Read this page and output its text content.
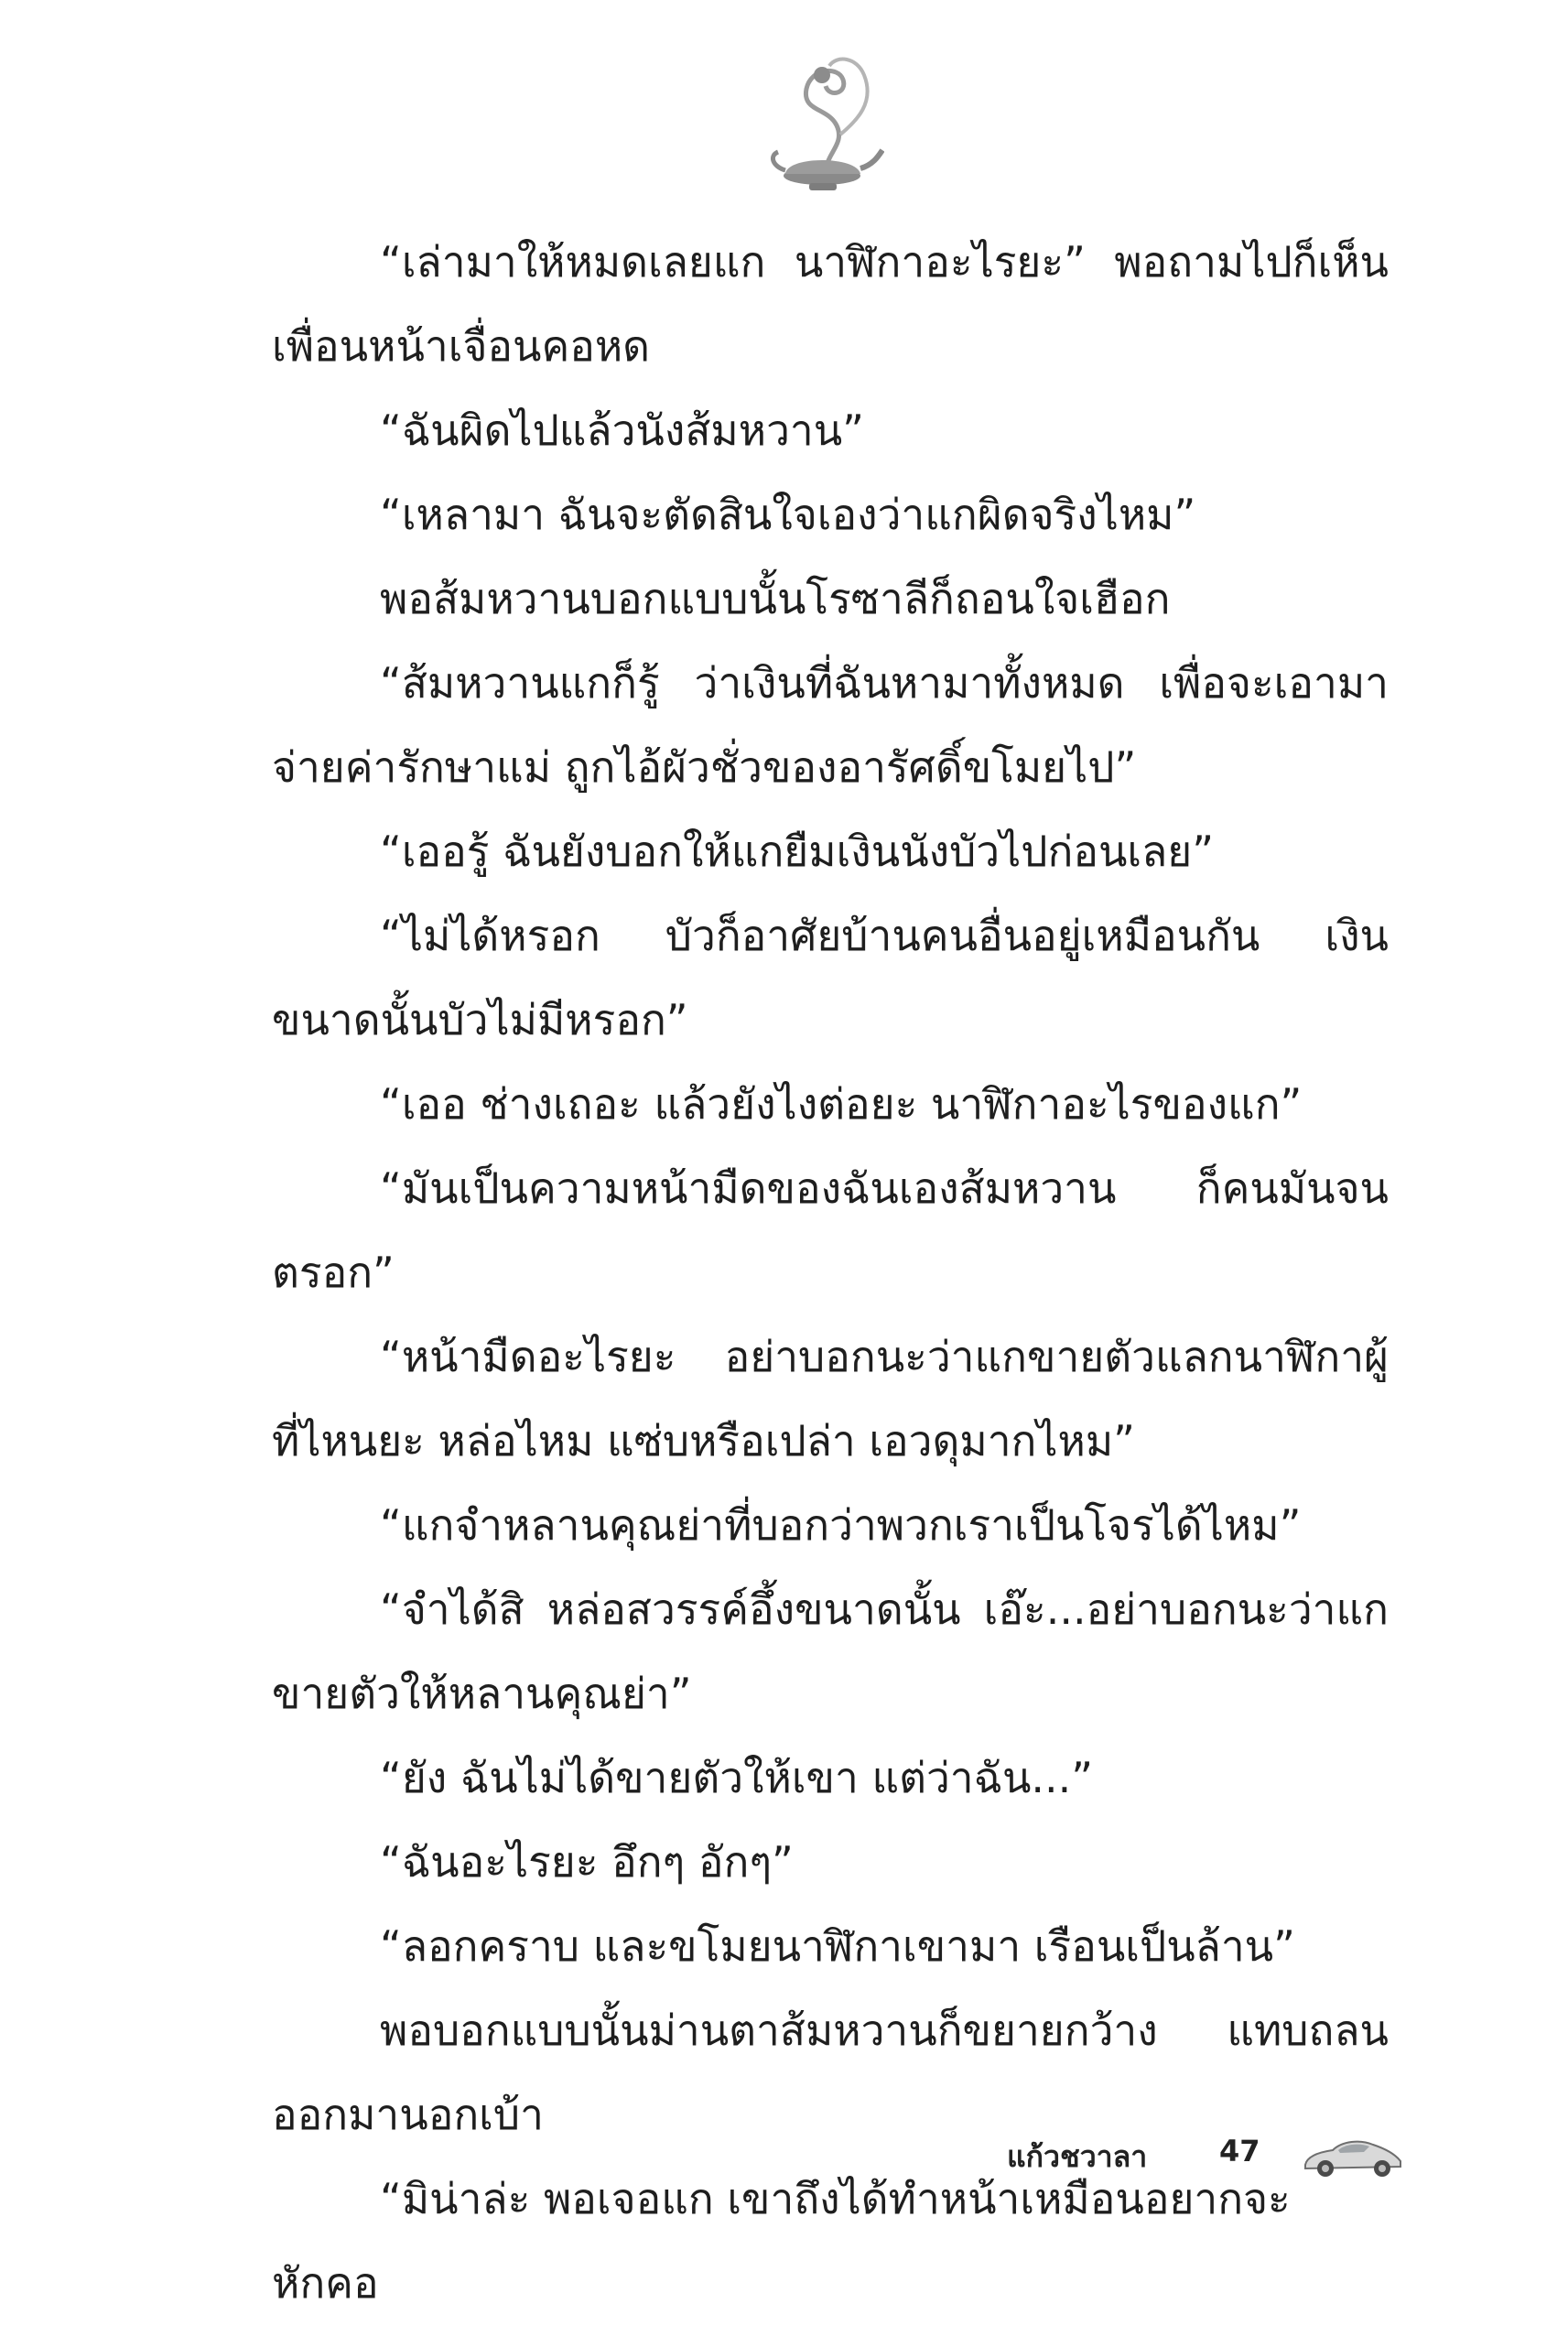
“เล่ามาให้หมดเลยแก นาฬิกาอะไรยะ” พอถามไปก็เห็นเพื่อนหน้าเจื่อนคอหด

“ฉันผิดไปแล้วนังส้มหวาน”

“เหลามา ฉันจะตัดสินใจเองว่าแกผิดจริงไหม”

พอส้มหวานบอกแบบนั้นโรซาลีก็ถอนใจเฮือก

“ส้มหวานแกก็รู้ ว่าเงินที่ฉันหามาทั้งหมด เพื่อจะเอามาจ่ายค่ารักษาแม่ ถูกไอ้ผัวชั่วของอารัศดิ์ขโมยไป”

“เออรู้ ฉันยังบอกให้แกยืมเงินนังบัวไปก่อนเลย”

“ไม่ได้หรอก บัวก็อาศัยบ้านคนอื่นอยู่เหมือนกัน เงินขนาดนั้นบัวไม่มีหรอก”

“เออ ช่างเถอะ แล้วยังไงต่อยะ นาฬิกาอะไรของแก”

“มันเป็นความหน้ามืดของฉันเองส้มหวาน ก็คนมันจนตรอก”

“หน้ามืดอะไรยะ อย่าบอกนะว่าแกขายตัวแลกนาฬิกาผู้ที่ไหนยะ หล่อไหม แซ่บหรือเปล่า เอวดุมากไหม”

“แกจำหลานคุณย่าที่บอกว่าพวกเราเป็นโจรได้ไหม”

“จำได้สิ หล่อสวรรค์อึ้งขนาดนั้น เอ๊ะ...อย่าบอกนะว่าแกขายตัวให้หลานคุณย่า”

“ยัง ฉันไม่ได้ขายตัวให้เขา แต่ว่าฉัน...”

“ฉันอะไรยะ อึกๆ อักๆ”

“ลอกคราบ และขโมยนาฬิกาเขามา เรือนเป็นล้าน”

พอบอกแบบนั้นม่านตาส้มหวานก็ขยายกว้าง แทบถลนออกมานอกเบ้า

“มิน่าล่ะ พอเจอแก เขาถึงได้ทำหน้าเหมือนอยากจะหักคอ

แก้วชวาลา 47
